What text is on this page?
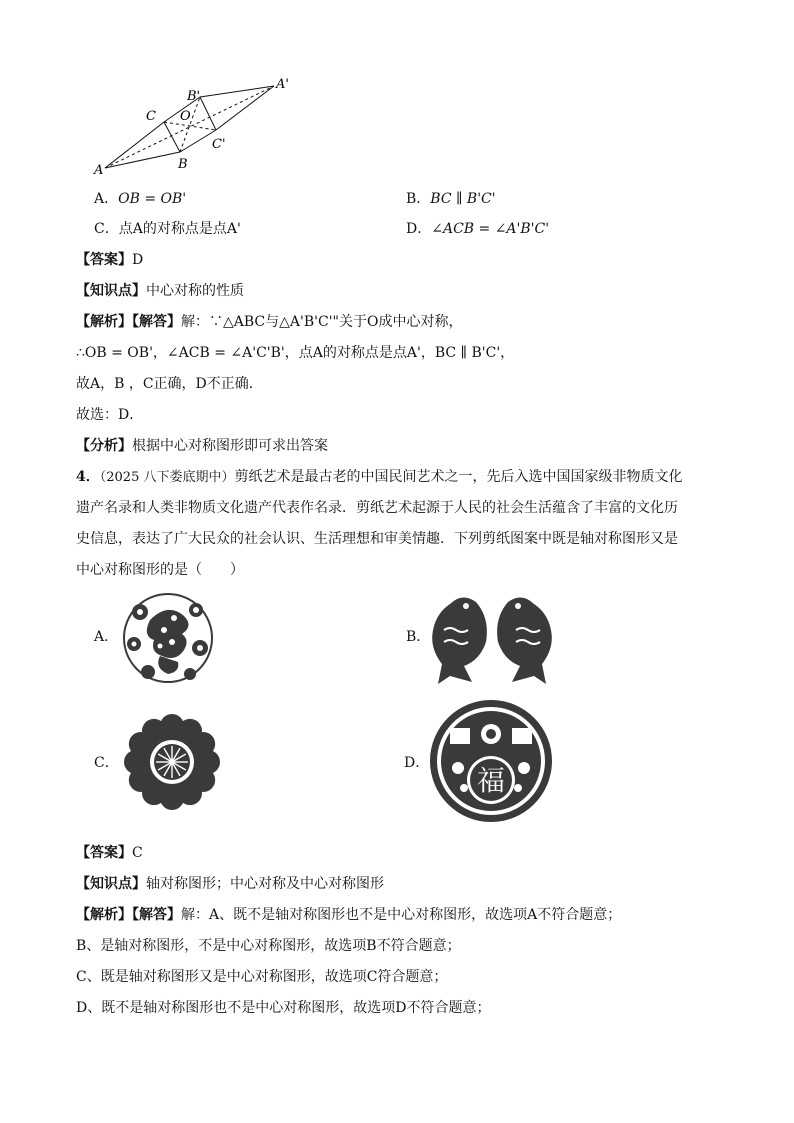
A
C
B
O
B'
A'
C'
A．OB = OB'	B．BC ∥ B'C'
C．点A的对称点是点A'	D．∠ACB = ∠A'B'C'
【答案】D
【知识点】中心对称的性质
【解析】【解答】解：∵△ABC与△A'B'C'"关于O成中心对称，
∴OB = OB'，∠ACB = ∠A'C'B'，点A的对称点是点A'，BC ∥ B'C'，
故A，B ，C正确，D不正确．
故选：D．
【分析】根据中心对称图形即可求出答案
4．（2025 八下娄底期中）剪纸艺术是最古老的中国民间艺术之一，先后入选中国国家级非物质文化
遗产名录和人类非物质文化遗产代表作名录．剪纸艺术起源于人民的社会生活蕴含了丰富的文化历
史信息，表达了广大民众的社会认识、生活理想和审美情趣．下列剪纸图案中既是轴对称图形又是
中心对称图形的是（　　）
A．	B．
C．	D．
福
【答案】C
【知识点】轴对称图形；中心对称及中心对称图形
【解析】【解答】解：A、既不是轴对称图形也不是中心对称图形，故选项A不符合题意；
B、是轴对称图形，不是中心对称图形，故选项B不符合题意；
C、既是轴对称图形又是中心对称图形，故选项C符合题意；
D、既不是轴对称图形也不是中心对称图形，故选项D不符合题意；
